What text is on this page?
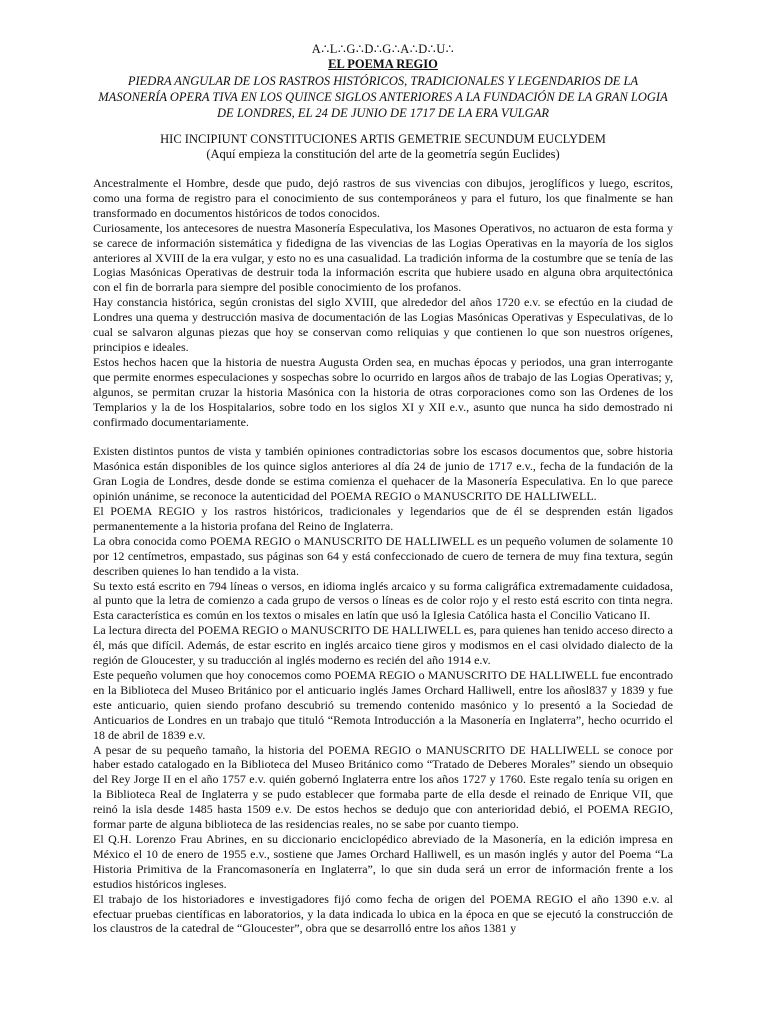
A∴L∴G∴D∴G∴A∴D∴U∴
EL POEMA REGIO
PIEDRA ANGULAR DE LOS RASTROS HISTÓRICOS, TRADICIONALES Y LEGENDARIOS DE LA MASONERÍA OPERA TIVA EN LOS QUINCE SIGLOS ANTERIORES A LA FUNDACIÓN DE LA GRAN LOGIA DE LONDRES, EL 24 DE JUNIO DE 1717 DE LA ERA VULGAR
HIC INCIPIUNT CONSTITUCIONES ARTIS GEMETRIE SECUNDUM EUCLYDEM
(Aquí empieza la constitución del arte de la geometría según Euclides)

Ancestralmente el Hombre, desde que pudo, dejó rastros de sus vivencias con dibujos, jeroglíficos y luego, escritos, como una forma de registro para el conocimiento de sus contemporáneos y para el futuro, los que finalmente se han transformado en documentos históricos de todos conocidos.

Curiosamente, los antecesores de nuestra Masonería Especulativa, los Masones Operativos, no actuaron de esta forma y se carece de información sistemática y fidedigna de las vivencias de las Logias Operativas en la mayoría de los siglos anteriores al XVIII de la era vulgar, y esto no es una casualidad. La tradición informa de la costumbre que se tenía de las Logias Masónicas Operativas de destruir toda la información escrita que hubiere usado en alguna obra arquitectónica con el fin de borrarla para siempre del posible conocimiento de los profanos.

Hay constancia histórica, según cronistas del siglo XVIII, que alrededor del años 1720 e.v. se efectúo en la ciudad de Londres una quema y destrucción masiva de documentación de las Logias Masónicas Operativas y Especulativas, de lo cual se salvaron algunas piezas que hoy se conservan como reliquias y que contienen lo que son nuestros orígenes, principios e ideales.

Estos hechos hacen que la historia de nuestra Augusta Orden sea, en muchas épocas y periodos, una gran interrogante que permite enormes especulaciones y sospechas sobre lo ocurrido en largos años de trabajo de las Logias Operativas; y, algunos, se permitan cruzar la historia Masónica con la historia de otras corporaciones como son las Ordenes de los Templarios y la de los Hospitalarios, sobre todo en los siglos XI y XII e.v., asunto que nunca ha sido demostrado ni confirmado documentariamente.

Existen distintos puntos de vista y también opiniones contradictorias sobre los escasos documentos que, sobre historia Masónica están disponibles de los quince siglos anteriores al día 24 de junio de 1717 e.v., fecha de la fundación de la Gran Logia de Londres, desde donde se estima comienza el quehacer de la Masonería Especulativa. En lo que parece opinión unánime, se reconoce la autenticidad del POEMA REGIO o MANUSCRITO DE HALLIWELL.

El POEMA REGIO y los rastros históricos, tradicionales y legendarios que de él se desprenden están ligados permanentemente a la historia profana del Reino de Inglaterra.

La obra conocida como POEMA REGIO o MANUSCRITO DE HALLIWELL es un pequeño volumen de solamente 10 por 12 centímetros, empastado, sus páginas son 64 y está confeccionado de cuero de ternera de muy fina textura, según describen quienes lo han tendido a la vista.

Su texto está escrito en 794 líneas o versos, en idioma inglés arcaico y su forma caligráfica extremadamente cuidadosa, al punto que la letra de comienzo a cada grupo de versos o líneas es de color rojo y el resto está escrito con tinta negra. Esta característica es común en los textos o misales en latín que usó la Iglesia Católica hasta el Concilio Vaticano II.

La lectura directa del POEMA REGIO o MANUSCRITO DE HALLIWELL es, para quienes han tenido acceso directo a él, más que difícil. Además, de estar escrito en inglés arcaico tiene giros y modismos en el casi olvidado dialecto de la región de Gloucester, y su traducción al inglés moderno es recién del año 1914 e.v.

Este pequeño volumen que hoy conocemos como POEMA REGIO o MANUSCRITO DE HALLIWELL fue encontrado en la Biblioteca del Museo Británico por el anticuario inglés James Orchard Halliwell, entre los añosl837 y 1839 y fue este anticuario, quien siendo profano descubrió su tremendo contenido masónico y lo presentó a la Sociedad de Anticuarios de Londres en un trabajo que tituló “Remota Introducción a la Masonería en Inglaterra”, hecho ocurrido el 18 de abril de 1839 e.v.

A pesar de su pequeño tamaño, la historia del POEMA REGIO o MANUSCRITO DE HALLIWELL se conoce por haber estado catalogado en la Biblioteca del Museo Británico como “Tratado de Deberes Morales” siendo un obsequio del Rey Jorge II en el año 1757 e.v. quién gobernó Inglaterra entre los años 1727 y 1760. Este regalo tenía su origen en la Biblioteca Real de Inglaterra y se pudo establecer que formaba parte de ella desde el reinado de Enrique VII, que reinó la isla desde 1485 hasta 1509 e.v. De estos hechos se dedujo que con anterioridad debió, el POEMA REGIO, formar parte de alguna biblioteca de las residencias reales, no se sabe por cuanto tiempo.

El Q.H. Lorenzo Frau Abrines, en su diccionario enciclopédico abreviado de la Masonería, en la edición impresa en México el 10 de enero de 1955 e.v., sostiene que James Orchard Halliwell, es un masón inglés y autor del Poema “La Historia Primitiva de la Francomasonería en Inglaterra”, lo que sin duda será un error de información frente a los estudios históricos ingleses.

El trabajo de los historiadores e investigadores fijó como fecha de origen del POEMA REGIO el año 1390 e.v. al efectuar pruebas científicas en laboratorios, y la data indicada lo ubica en la época en que se ejecutó la construcción de los claustros de la catedral de “Gloucester”, obra que se desarrolló entre los años 1381 y
